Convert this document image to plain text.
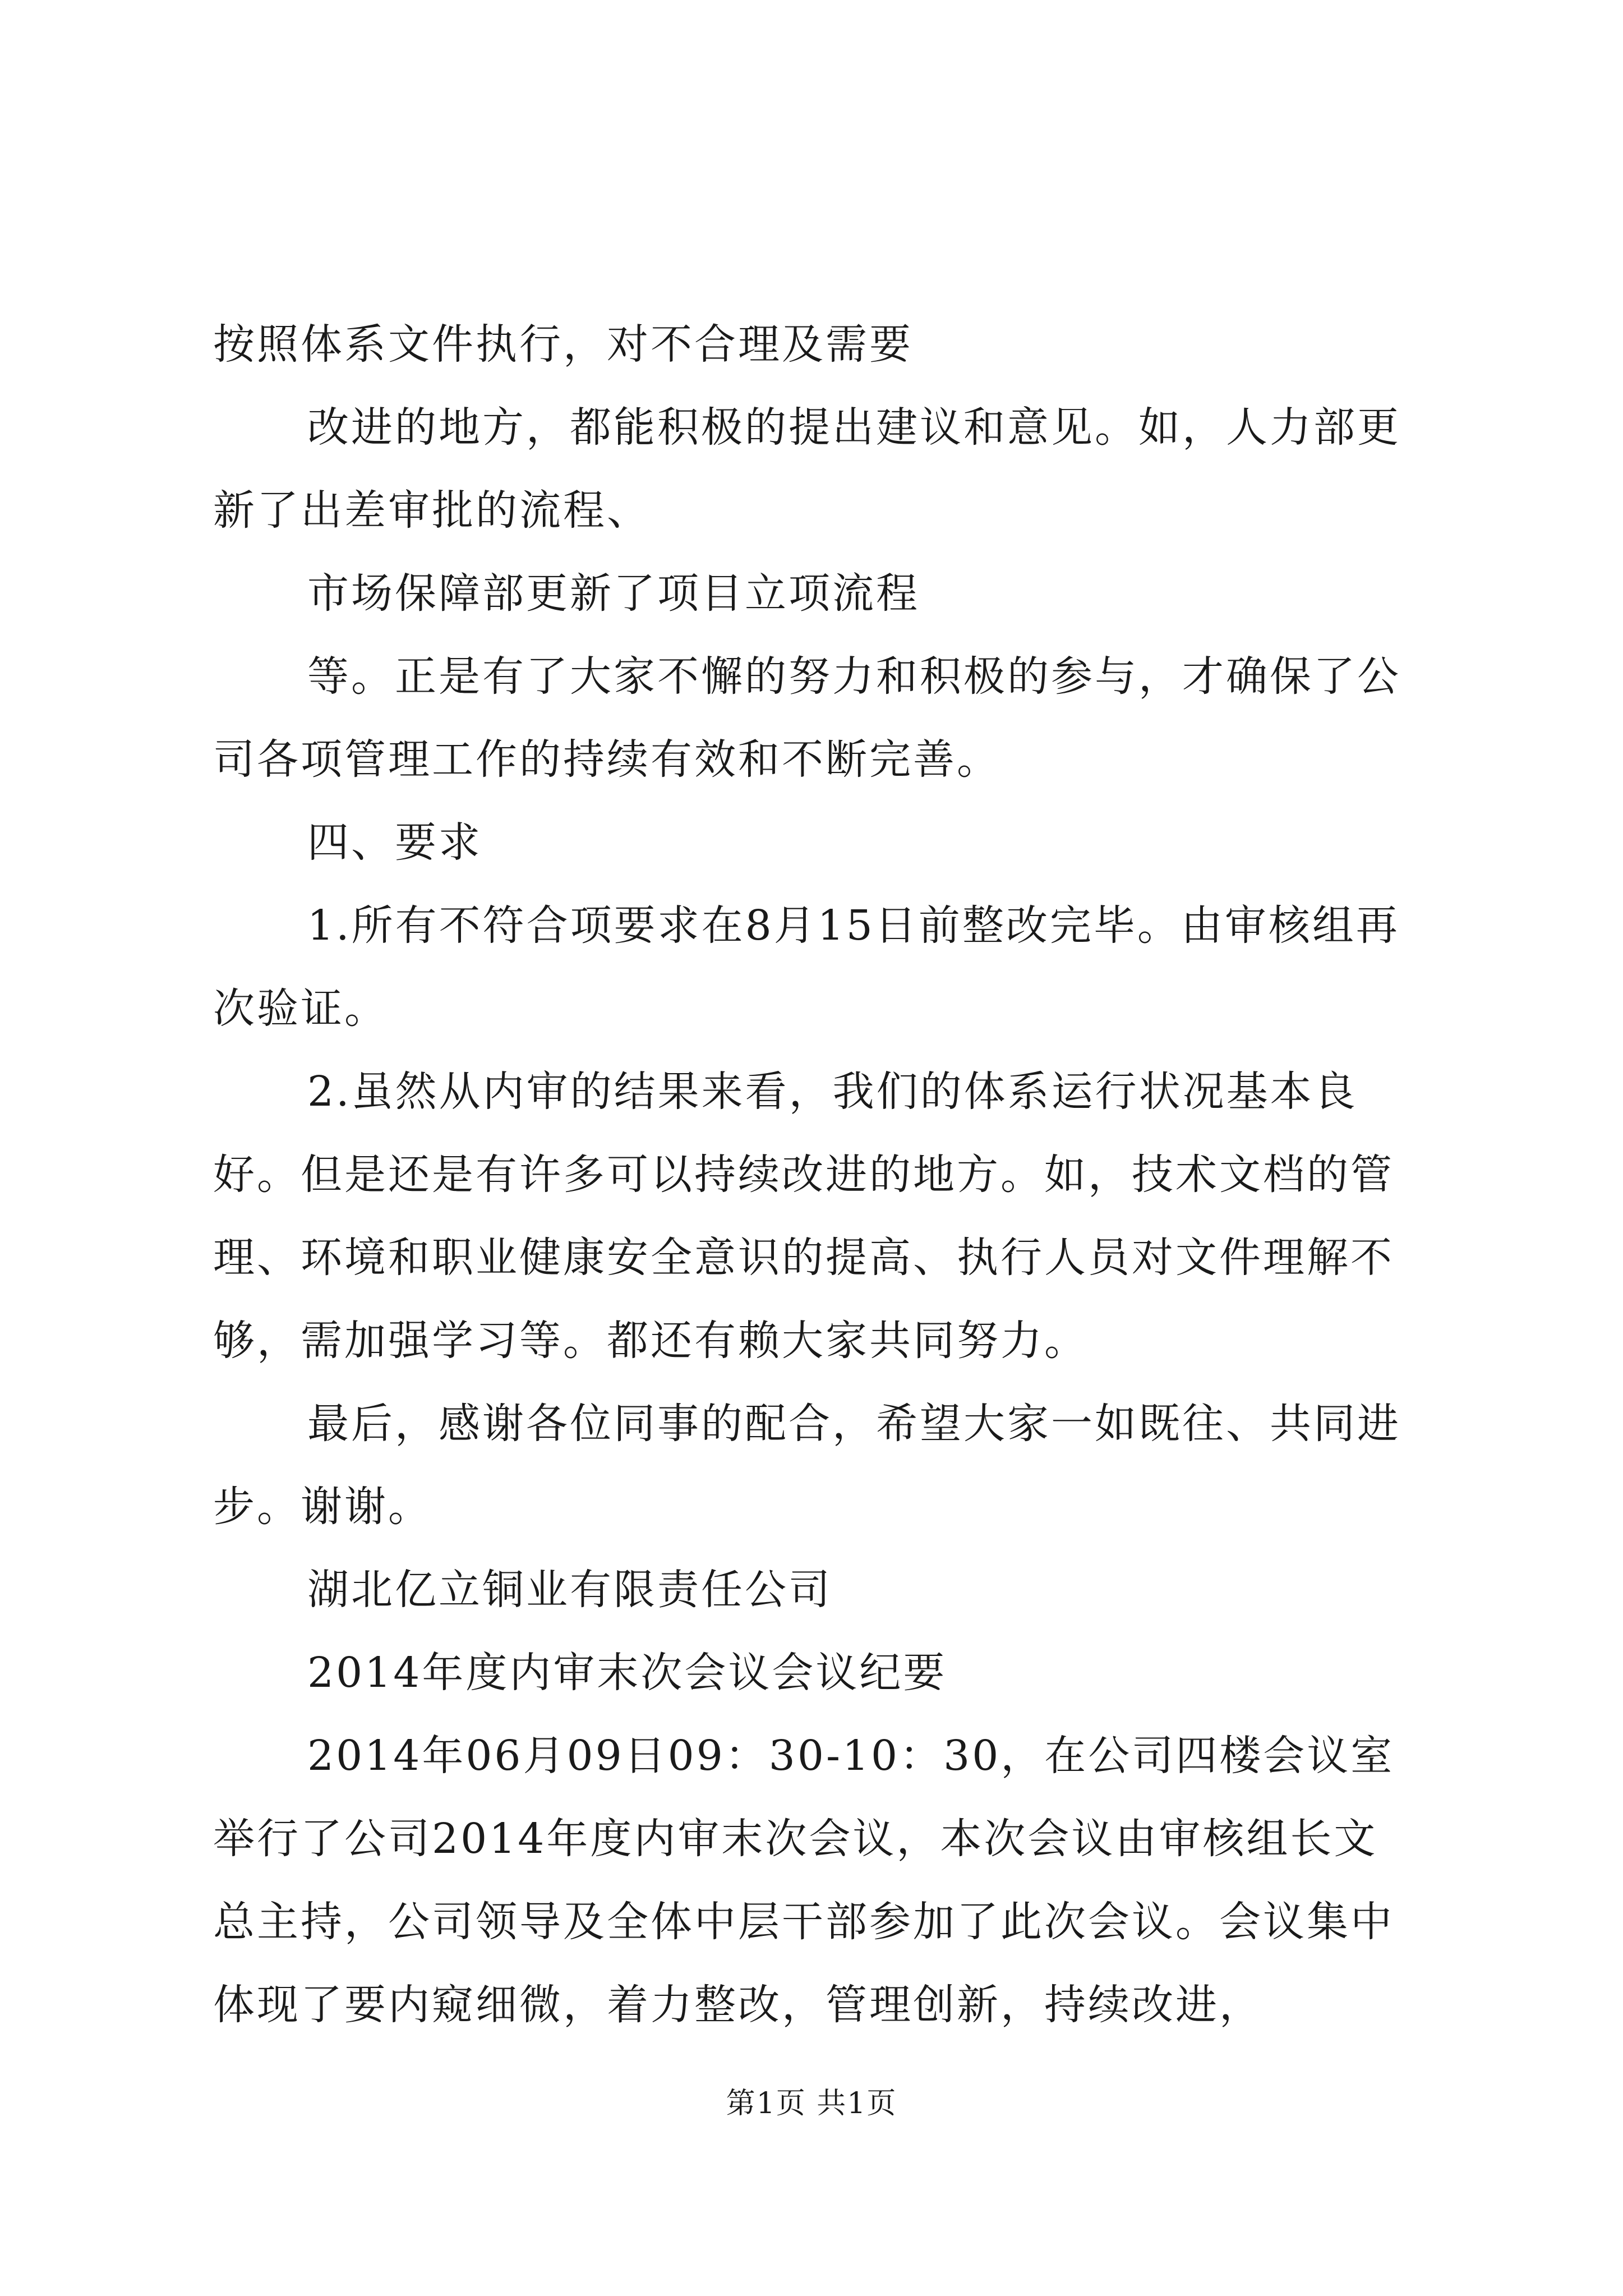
按照体系文件执行，对不合理及需要

改进的地方，都能积极的提出建议和意见。如，人力部更新了出差审批的流程、

市场保障部更新了项目立项流程

等。正是有了大家不懈的努力和积极的参与，才确保了公司各项管理工作的持续有效和不断完善。

四、要求

1.所有不符合项要求在8月15日前整改完毕。由审核组再次验证。

2.虽然从内审的结果来看，我们的体系运行状况基本良好。但是还是有许多可以持续改进的地方。如，技术文档的管理、环境和职业健康安全意识的提高、执行人员对文件理解不够，需加强学习等。都还有赖大家共同努力。

最后，感谢各位同事的配合，希望大家一如既往、共同进步。谢谢。

湖北亿立铜业有限责任公司

2014年度内审末次会议会议纪要

2014年06月09日09：30-10：30，在公司四楼会议室举行了公司2014年度内审末次会议，本次会议由审核组长文总主持，公司领导及全体中层干部参加了此次会议。会议集中体现了要内窥细微，着力整改，管理创新，持续改进，

第1页 共1页
